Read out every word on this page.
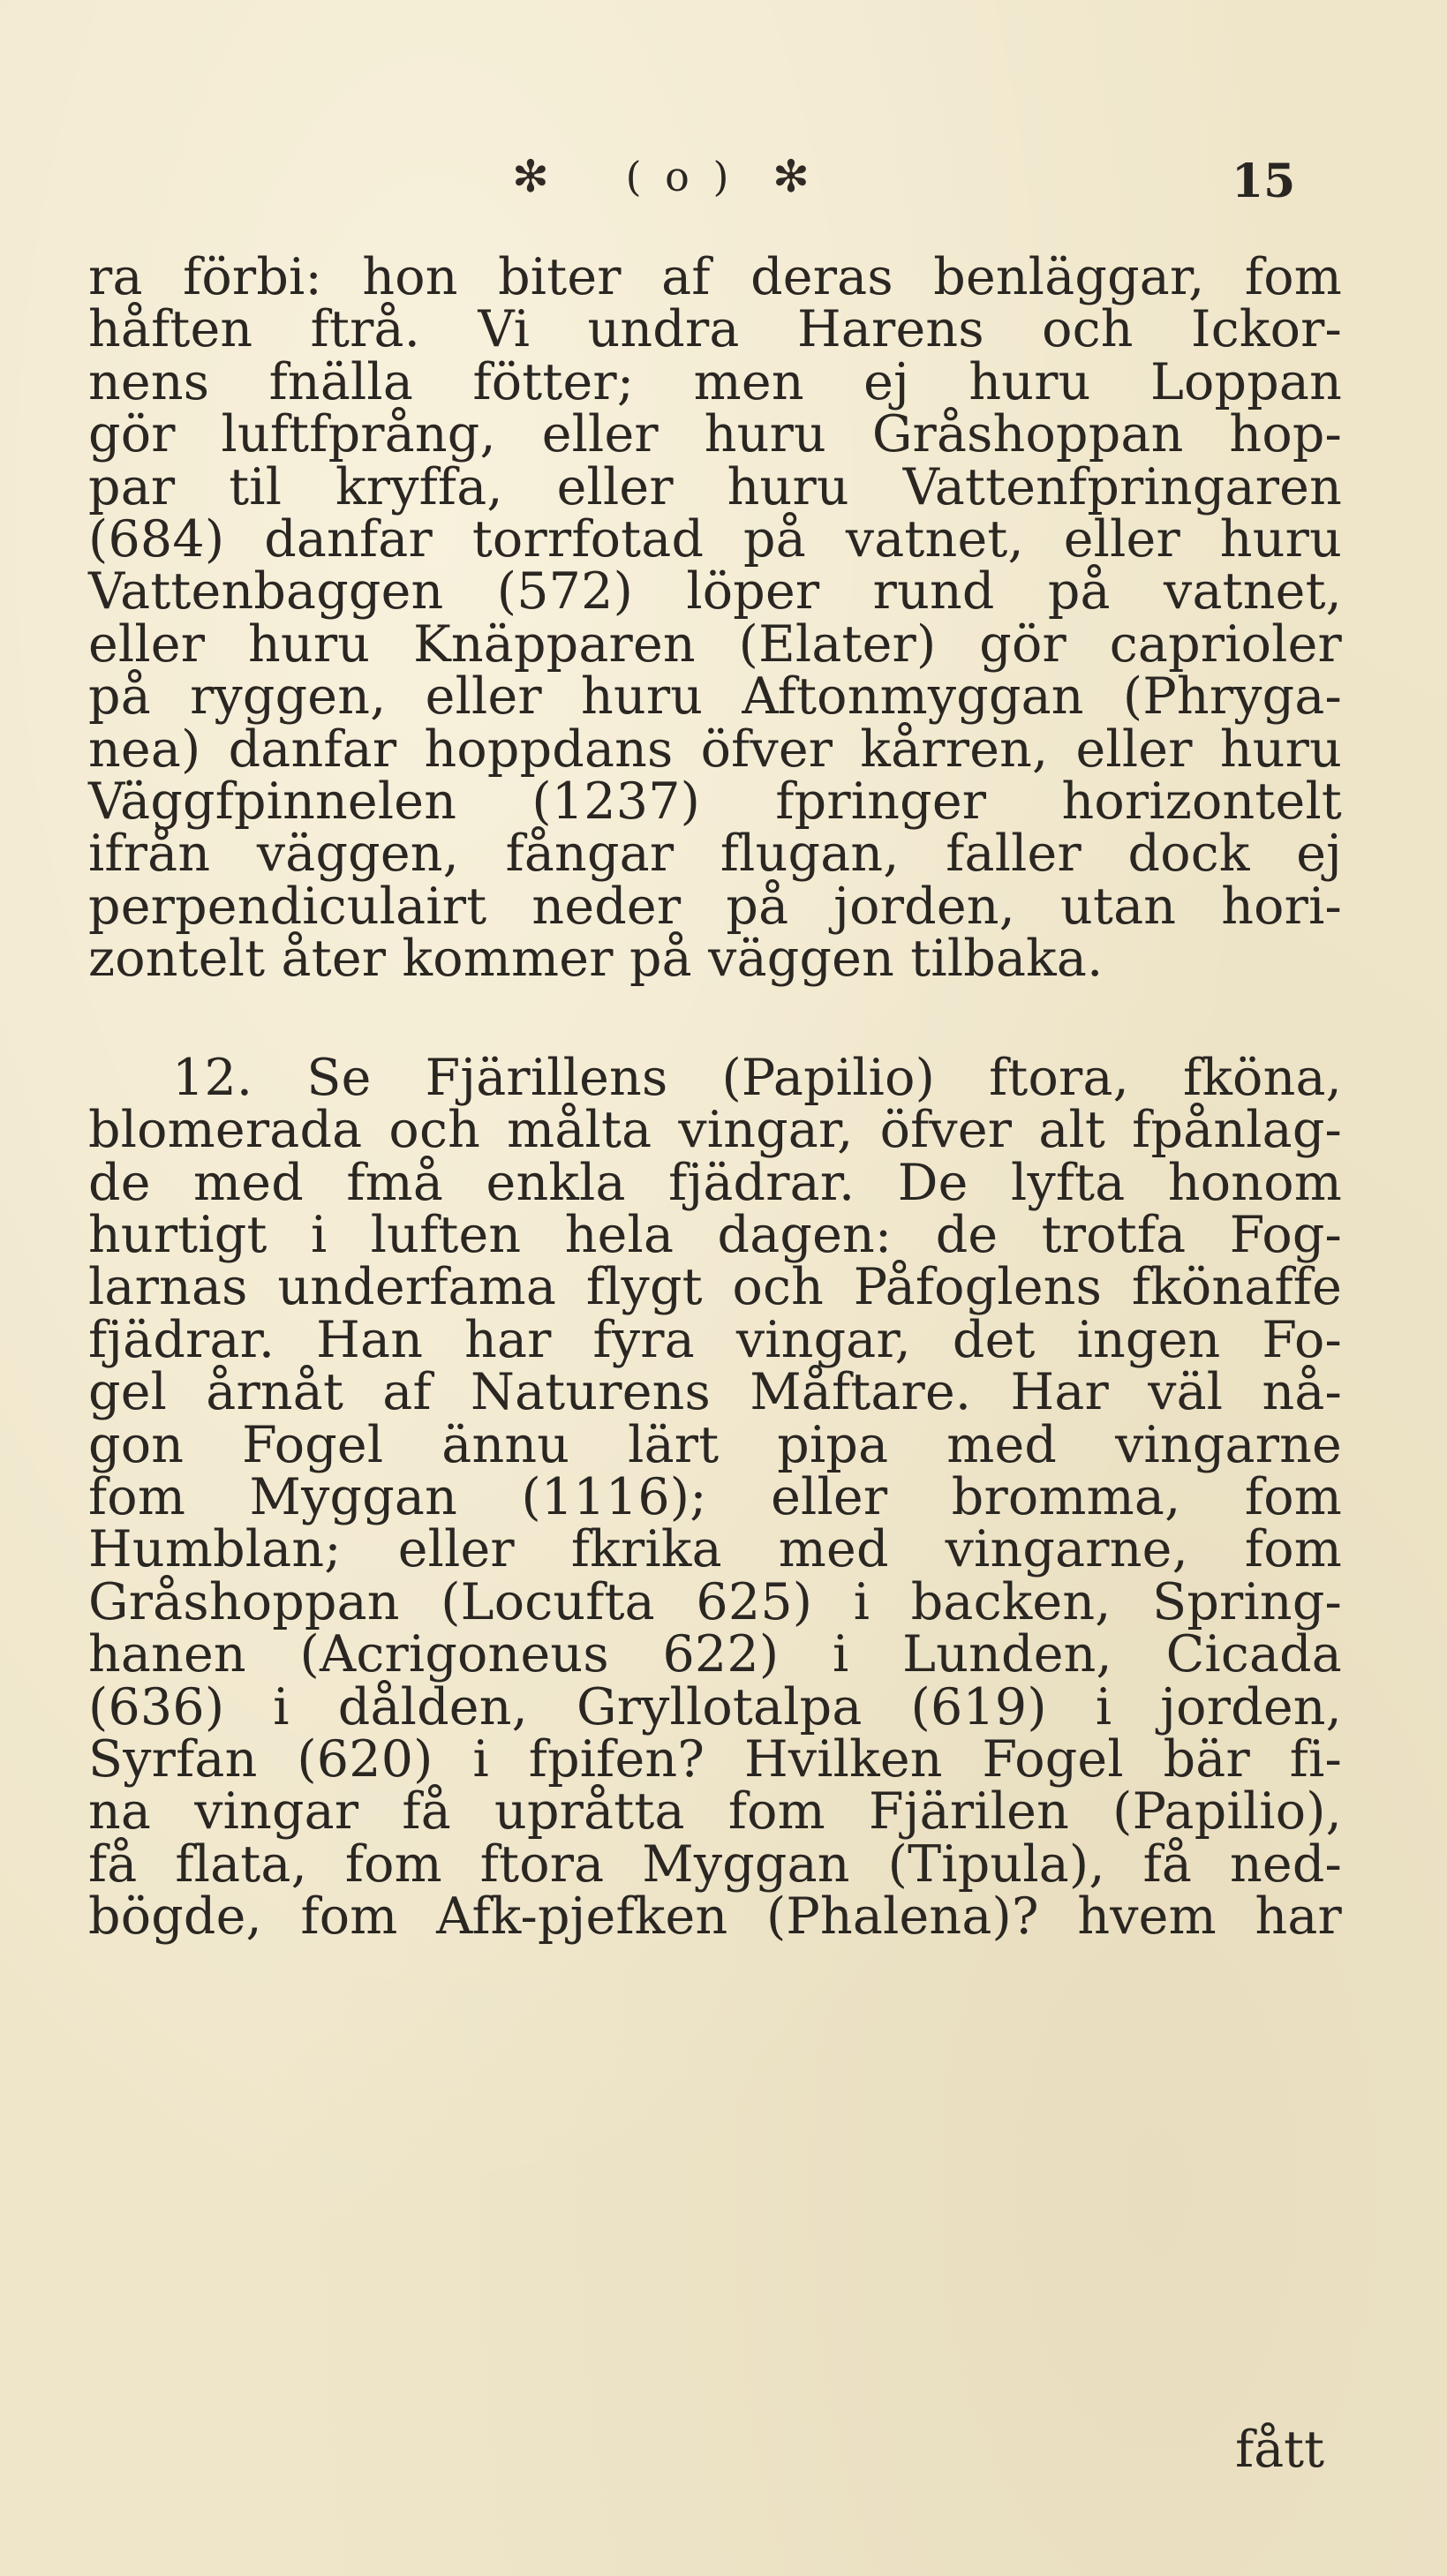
✻	( o ) ✻	15
ra förbi: hon biter af deras benläggar, fom
håften ftrå. Vi undra Harens och Ickor-
nens fnälla fötter; men ej huru Loppan
gör luftfprång, eller huru Gråshoppan hop-
par til kryffa, eller huru Vattenfpringaren
(684) danfar torrfotad på vatnet, eller huru
Vattenbaggen (572) löper rund på vatnet,
eller huru Knäpparen (Elater) gör caprioler
på ryggen, eller huru Aftonmyggan (Phryga-
nea) danfar hoppdans öfver kårren, eller huru
Väggfpinnelen (1237) fpringer horizontelt
ifrån väggen, fångar flugan, faller dock ej
perpendiculairt neder på jorden, utan hori-
zontelt åter kommer på väggen tilbaka.
12. Se Fjärillens (Papilio) ftora, fköna,
blomerada och målta vingar, öfver alt fpånlag-
de med fmå enkla fjädrar. De lyfta honom
hurtigt i luften hela dagen: de trotfa Fog-
larnas underfama flygt och Påfoglens fkönaffe
fjädrar. Han har fyra vingar, det ingen Fo-
gel årnåt af Naturens Måftare. Har väl nå-
gon Fogel ännu lärt pipa med vingarne
fom Myggan (1116); eller bromma, fom
Humblan; eller fkrika med vingarne, fom
Gråshoppan (Locufta 625) i backen, Spring-
hanen (Acrigoneus 622) i Lunden, Cicada
(636) i dålden, Gryllotalpa (619) i jorden,
Syrfan (620) i fpifen? Hvilken Fogel bär fi-
na vingar få upråtta fom Fjärilen (Papilio),
få flata, fom ftora Myggan (Tipula), få ned-
bögde, fom Afk-pjefken (Phalena)? hvem har
fått
